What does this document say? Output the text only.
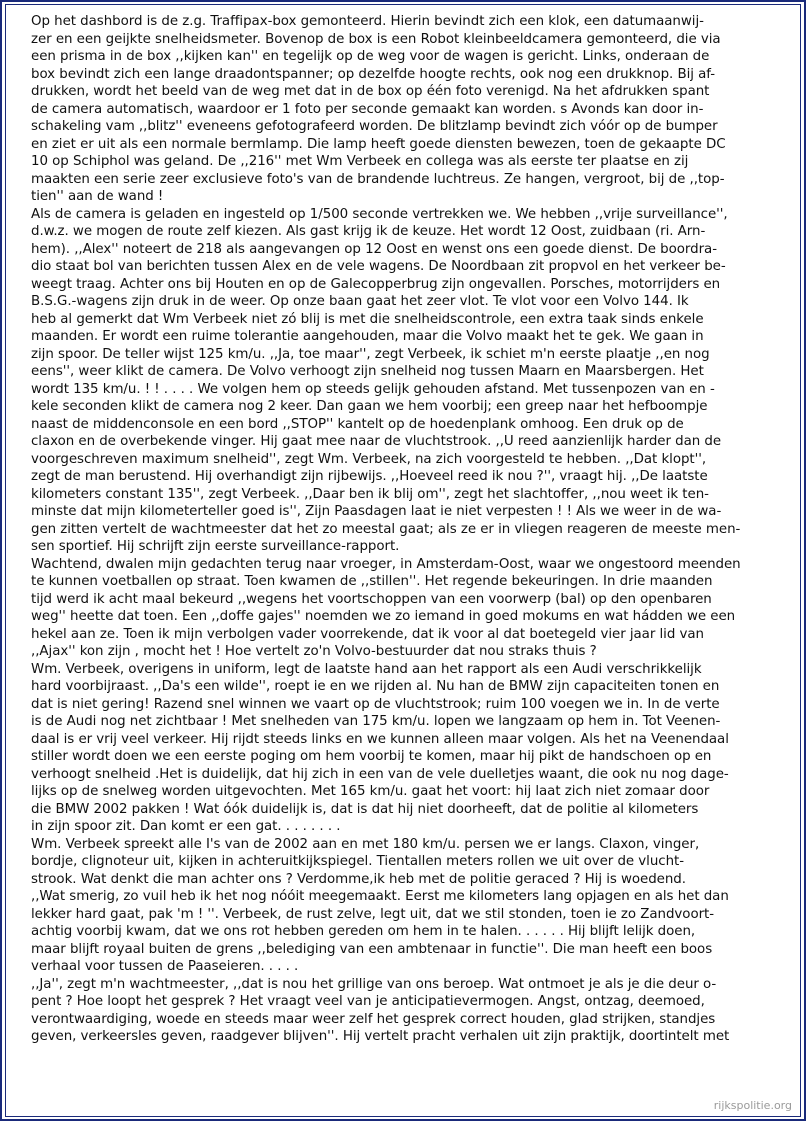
Op het dashbord is de z.g. Traffipax-box gemonteerd. Hierin bevindt zich een klok, een datumaanwij-
zer en een geijkte snelheidsmeter. Bovenop de box is een Robot kleinbeeldcamera gemonteerd, die via
een prisma in de box ,,kijken kan'' en tegelijk op de weg voor de wagen is gericht. Links, onderaan de
box bevindt zich een lange draadontspanner; op dezelfde hoogte rechts, ook nog een drukknop. Bij af-
drukken, wordt het beeld van de weg met dat in de box op één foto verenigd. Na het afdrukken spant
de camera automatisch, waardoor er 1 foto per seconde gemaakt kan worden. s Avonds kan door in-
schakeling vam ,,blitz'' eveneens gefotografeerd worden. De blitzlamp bevindt zich vóór op de bumper
en ziet er uit als een normale bermlamp. Die lamp heeft goede diensten bewezen, toen de gekaapte DC
10 op Schiphol was geland. De ,,216'' met Wm Verbeek en collega was als eerste ter plaatse en zij
maakten een serie zeer exclusieve foto's van de brandende luchtreus. Ze hangen, vergroot, bij de ,,top-
tien'' aan de wand !
Als de camera is geladen en ingesteld op 1/500 seconde vertrekken we. We hebben ,,vrije surveillance'',
d.w.z. we mogen de route zelf kiezen. Als gast krijg ik de keuze. Het wordt 12 Oost, zuidbaan (ri. Arn-
hem). ,,Alex'' noteert de 218 als aangevangen op 12 Oost en wenst ons een goede dienst. De boordra-
dio staat bol van berichten tussen Alex en de vele wagens. De Noordbaan zit propvol en het verkeer be-
weegt traag. Achter ons bij Houten en op de Galecopperbrug zijn ongevallen. Porsches, motorrijders en
B.S.G.-wagens zijn druk in de weer. Op onze baan gaat het zeer vlot. Te vlot voor een Volvo 144. Ik
heb al gemerkt dat Wm Verbeek niet zó blij is met die snelheidscontrole, een extra taak sinds enkele
maanden. Er wordt een ruime tolerantie aangehouden, maar die Volvo maakt het te gek. We gaan in
zijn spoor. De teller wijst 125 km/u. ,,Ja, toe maar'', zegt Verbeek, ik schiet m'n eerste plaatje ,,en nog
eens'', weer klikt de camera. De Volvo verhoogt zijn snelheid nog tussen Maarn en Maarsbergen. Het
wordt 135 km/u. ! ! . . . . We volgen hem op steeds gelijk gehouden afstand. Met tussenpozen van en -
kele seconden klikt de camera nog 2 keer. Dan gaan we hem voorbij; een greep naar het hefboompje
naast de middenconsole en een bord ,,STOP'' kantelt op de hoedenplank omhoog. Een druk op de
claxon en de overbekende vinger. Hij gaat mee naar de vluchtstrook. ,,U reed aanzienlijk harder dan de
voorgeschreven maximum snelheid'', zegt Wm. Verbeek, na zich voorgesteld te hebben. ,,Dat klopt'',
zegt de man berustend. Hij overhandigt zijn rijbewijs. ,,Hoeveel reed ik nou ?'', vraagt hij. ,,De laatste
kilometers constant 135'', zegt Verbeek. ,,Daar ben ik blij om'', zegt het slachtoffer, ,,nou weet ik ten-
minste dat mijn kilometerteller goed is'', Zijn Paasdagen laat ie niet verpesten ! ! Als we weer in de wa-
gen zitten vertelt de wachtmeester dat het zo meestal gaat; als ze er in vliegen reageren de meeste men-
sen sportief. Hij schrijft zijn eerste surveillance-rapport.
Wachtend, dwalen mijn gedachten terug naar vroeger, in Amsterdam-Oost, waar we ongestoord meenden
te kunnen voetballen op straat. Toen kwamen de ,,stillen''. Het regende bekeuringen. In drie maanden
tijd werd ik acht maal bekeurd ,,wegens het voortschoppen van een voorwerp (bal) op den openbaren
weg'' heette dat toen. Een ,,doffe gajes'' noemden we zo iemand in goed mokums en wat hádden we een
hekel aan ze. Toen ik mijn verbolgen vader voorrekende, dat ik voor al dat boetegeld vier jaar lid van
,,Ajax'' kon zijn , mocht het ! Hoe vertelt zo'n Volvo-bestuurder dat nou straks thuis ?
Wm. Verbeek, overigens in uniform, legt de laatste hand aan het rapport als een Audi verschrikkelijk
hard voorbijraast. ,,Da's een wilde'', roept ie en we rijden al. Nu han de BMW zijn capaciteiten tonen en
dat is niet gering! Razend snel winnen we vaart op de vluchtstrook; ruim 100 voegen we in. In de verte
is de Audi nog net zichtbaar ! Met snelheden van 175 km/u. lopen we langzaam op hem in. Tot Veenen-
daal is er vrij veel verkeer. Hij rijdt steeds links en we kunnen alleen maar volgen. Als het na Veenendaal
stiller wordt doen we een eerste poging om hem voorbij te komen, maar hij pikt de handschoen op en
verhoogt snelheid .Het is duidelijk, dat hij zich in een van de vele duelletjes waant, die ook nu nog dage-
lijks op de snelweg worden uitgevochten. Met 165 km/u. gaat het voort: hij laat zich niet zomaar door
die BMW 2002 pakken ! Wat óók duidelijk is, dat is dat hij niet doorheeft, dat de politie al kilometers
in zijn spoor zit. Dan komt er een gat. . . . . . . .
Wm. Verbeek spreekt alle I's van de 2002 aan en met 180 km/u. persen we er langs. Claxon, vinger,
bordje, clignoteur uit, kijken in achteruitkijkspiegel. Tientallen meters rollen we uit over de vlucht-
strook. Wat denkt die man achter ons ? Verdomme,ik heb met de politie geraced ? Hij is woedend.
,,Wat smerig, zo vuil heb ik het nog nóóit meegemaakt. Eerst me kilometers lang opjagen en als het dan
lekker hard gaat, pak 'm ! ''. Verbeek, de rust zelve, legt uit, dat we stil stonden, toen ie zo Zandvoort-
achtig voorbij kwam, dat we ons rot hebben gereden om hem in te halen. . . . . . Hij blijft lelijk doen,
maar blijft royaal buiten de grens ,,belediging van een ambtenaar in functie''. Die man heeft een boos
verhaal voor tussen de Paaseieren. . . . .
,,Ja'', zegt m'n wachtmeester, ,,dat is nou het grillige van ons beroep. Wat ontmoet je als je die deur o-
pent ? Hoe loopt het gesprek ? Het vraagt veel van je anticipatievermogen. Angst, ontzag, deemoed,
verontwaardiging, woede en steeds maar weer zelf het gesprek correct houden, glad strijken, standjes
geven, verkeersles geven, raadgever blijven''. Hij vertelt pracht verhalen uit zijn praktijk, doortintelt met
rijkspolitie.org
